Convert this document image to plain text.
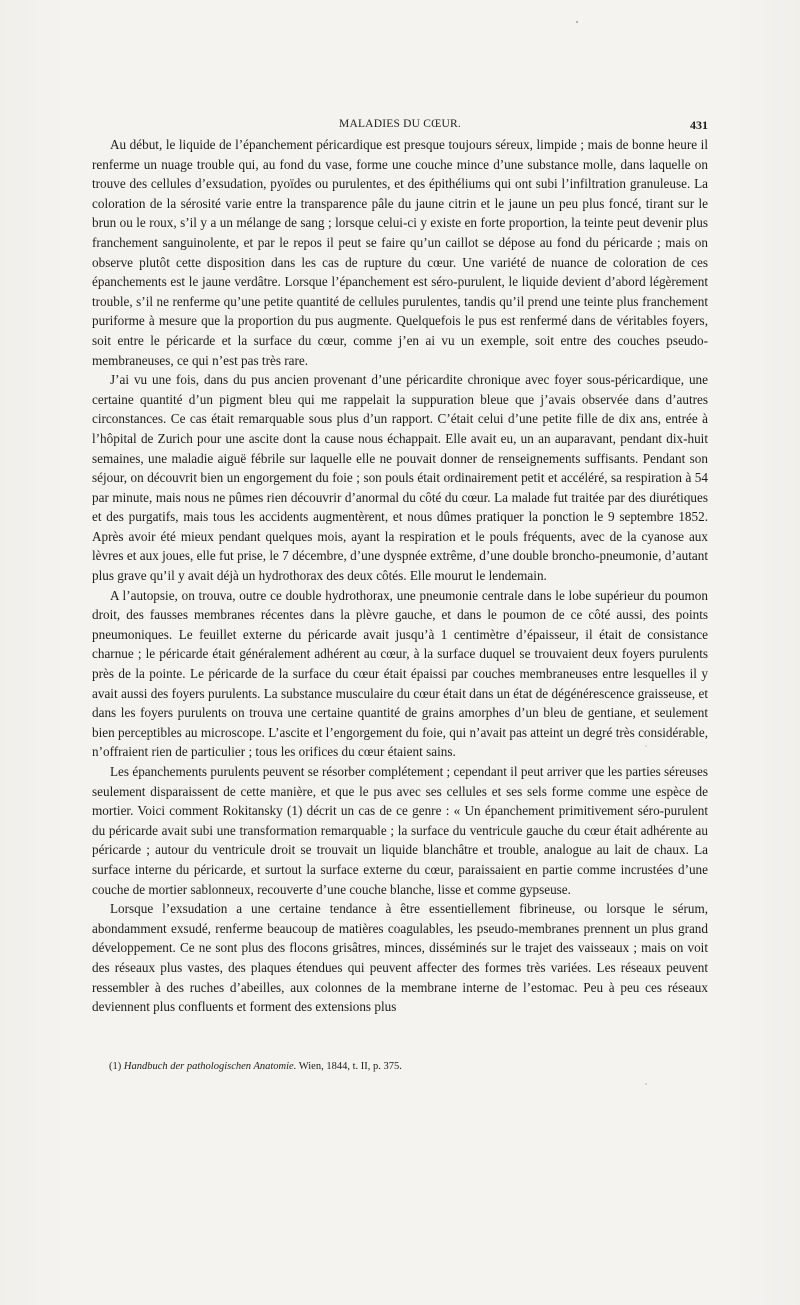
MALADIES DU CŒUR.	431

Au début, le liquide de l’épanchement péricardique est presque toujours séreux, limpide ; mais de bonne heure il renferme un nuage trouble qui, au fond du vase, forme une couche mince d’une substance molle, dans laquelle on trouve des cellules d’exsudation, pyoïdes ou purulentes, et des épithéliums qui ont subi l’infiltration granuleuse. La coloration de la sérosité varie entre la transparence pâle du jaune citrin et le jaune un peu plus foncé, tirant sur le brun ou le roux, s’il y a un mélange de sang ; lorsque celui-ci y existe en forte proportion, la teinte peut devenir plus franchement sanguinolente, et par le repos il peut se faire qu’un caillot se dépose au fond du péricarde ; mais on observe plutôt cette disposition dans les cas de rupture du cœur. Une variété de nuance de coloration de ces épanchements est le jaune verdâtre. Lorsque l’épanchement est séro-purulent, le liquide devient d’abord légèrement trouble, s’il ne renferme qu’une petite quantité de cellules purulentes, tandis qu’il prend une teinte plus franchement puriforme à mesure que la proportion du pus augmente. Quelquefois le pus est renfermé dans de véritables foyers, soit entre le péricarde et la surface du cœur, comme j’en ai vu un exemple, soit entre des couches pseudo-membraneuses, ce qui n’est pas très rare.

J’ai vu une fois, dans du pus ancien provenant d’une péricardite chronique avec foyer sous-péricardique, une certaine quantité d’un pigment bleu qui me rappelait la suppuration bleue que j’avais observée dans d’autres circonstances. Ce cas était remarquable sous plus d’un rapport. C’était celui d’une petite fille de dix ans, entrée à l’hôpital de Zurich pour une ascite dont la cause nous échappait. Elle avait eu, un an auparavant, pendant dix-huit semaines, une maladie aiguë fébrile sur laquelle elle ne pouvait donner de renseignements suffisants. Pendant son séjour, on découvrit bien un engorgement du foie ; son pouls était ordinairement petit et accéléré, sa respiration à 54 par minute, mais nous ne pûmes rien découvrir d’anormal du côté du cœur. La malade fut traitée par des diurétiques et des purgatifs, mais tous les accidents augmentèrent, et nous dûmes pratiquer la ponction le 9 septembre 1852. Après avoir été mieux pendant quelques mois, ayant la respiration et le pouls fréquents, avec de la cyanose aux lèvres et aux joues, elle fut prise, le 7 décembre, d’une dyspnée extrême, d’une double broncho-pneumonie, d’autant plus grave qu’il y avait déjà un hydrothorax des deux côtés. Elle mourut le lendemain.

A l’autopsie, on trouva, outre ce double hydrothorax, une pneumonie centrale dans le lobe supérieur du poumon droit, des fausses membranes récentes dans la plèvre gauche, et dans le poumon de ce côté aussi, des points pneumoniques. Le feuillet externe du péricarde avait jusqu’à 1 centimètre d’épaisseur, il était de consistance charnue ; le péricarde était généralement adhérent au cœur, à la surface duquel se trouvaient deux foyers purulents près de la pointe. Le péricarde de la surface du cœur était épaissi par couches membraneuses entre lesquelles il y avait aussi des foyers purulents. La substance musculaire du cœur était dans un état de dégénérescence graisseuse, et dans les foyers purulents on trouva une certaine quantité de grains amorphes d’un bleu de gentiane, et seulement bien perceptibles au microscope. L’ascite et l’engorgement du foie, qui n’avait pas atteint un degré très considérable, n’offraient rien de particulier ; tous les orifices du cœur étaient sains.

Les épanchements purulents peuvent se résorber complétement ; cependant il peut arriver que les parties séreuses seulement disparaissent de cette manière, et que le pus avec ses cellules et ses sels forme comme une espèce de mortier. Voici comment Rokitansky (1) décrit un cas de ce genre : « Un épanchement primitivement séro-purulent du péricarde avait subi une transformation remarquable ; la surface du ventricule gauche du cœur était adhérente au péricarde ; autour du ventricule droit se trouvait un liquide blanchâtre et trouble, analogue au lait de chaux. La surface interne du péricarde, et surtout la surface externe du cœur, paraissaient en partie comme incrustées d’une couche de mortier sablonneux, recouverte d’une couche blanche, lisse et comme gypseuse.

Lorsque l’exsudation a une certaine tendance à être essentiellement fibrineuse, ou lorsque le sérum, abondamment exsudé, renferme beaucoup de matières coagulables, les pseudo-membranes prennent un plus grand développement. Ce ne sont plus des flocons grisâtres, minces, disséminés sur le trajet des vaisseaux ; mais on voit des réseaux plus vastes, des plaques étendues qui peuvent affecter des formes très variées. Les réseaux peuvent ressembler à des ruches d’abeilles, aux colonnes de la membrane interne de l’estomac. Peu à peu ces réseaux deviennent plus confluents et forment des extensions plus

(1) Handbuch der pathologischen Anatomie. Wien, 1844, t. II, p. 375.
